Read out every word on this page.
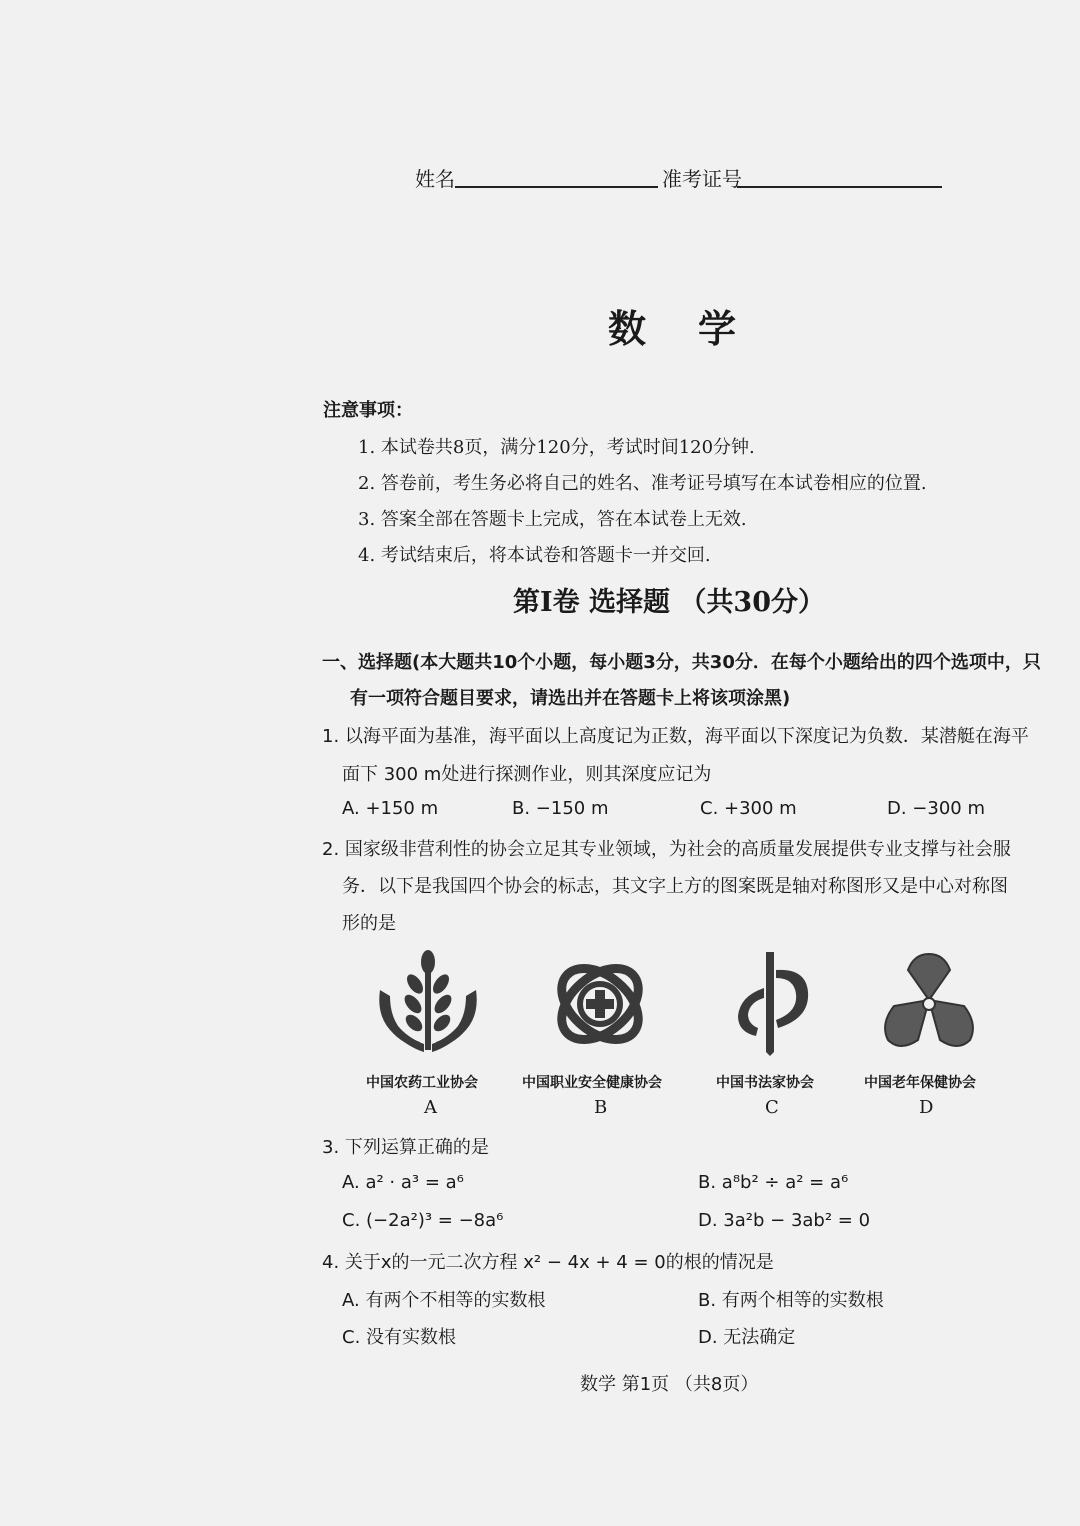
姓名	准考证号
数学
注意事项：
1. 本试卷共8页，满分120分，考试时间120分钟.
2. 答卷前，考生务必将自己的姓名、准考证号填写在本试卷相应的位置.
3. 答案全部在答题卡上完成，答在本试卷上无效.
4. 考试结束后，将本试卷和答题卡一并交回.
第Ⅰ卷 选择题 （共30分）
一、选择题(本大题共10个小题，每小题3分，共30分．在每个小题给出的四个选项中，只
有一项符合题目要求，请选出并在答题卡上将该项涂黑)
1. 以海平面为基准，海平面以上高度记为正数，海平面以下深度记为负数．某潜艇在海平
面下 300 m处进行探测作业，则其深度应记为
A. +150 m	B. −150 m	C. +300 m	D. −300 m
2. 国家级非营利性的协会立足其专业领域，为社会的高质量发展提供专业支撑与社会服
务．以下是我国四个协会的标志，其文字上方的图案既是轴对称图形又是中心对称图
形的是
中国农药工业协会
A
中国职业安全健康协会
B
中国书法家协会
C
中国老年保健协会
D
3. 下列运算正确的是
A. a² · a³ = a⁶	B. a⁸b² ÷ a² = a⁶
C. (−2a²)³ = −8a⁶	D. 3a²b − 3ab² = 0
4. 关于x的一元二次方程 x² − 4x + 4 = 0的根的情况是
A. 有两个不相等的实数根	B. 有两个相等的实数根
C. 没有实数根	D. 无法确定
数学 第1页 （共8页）
